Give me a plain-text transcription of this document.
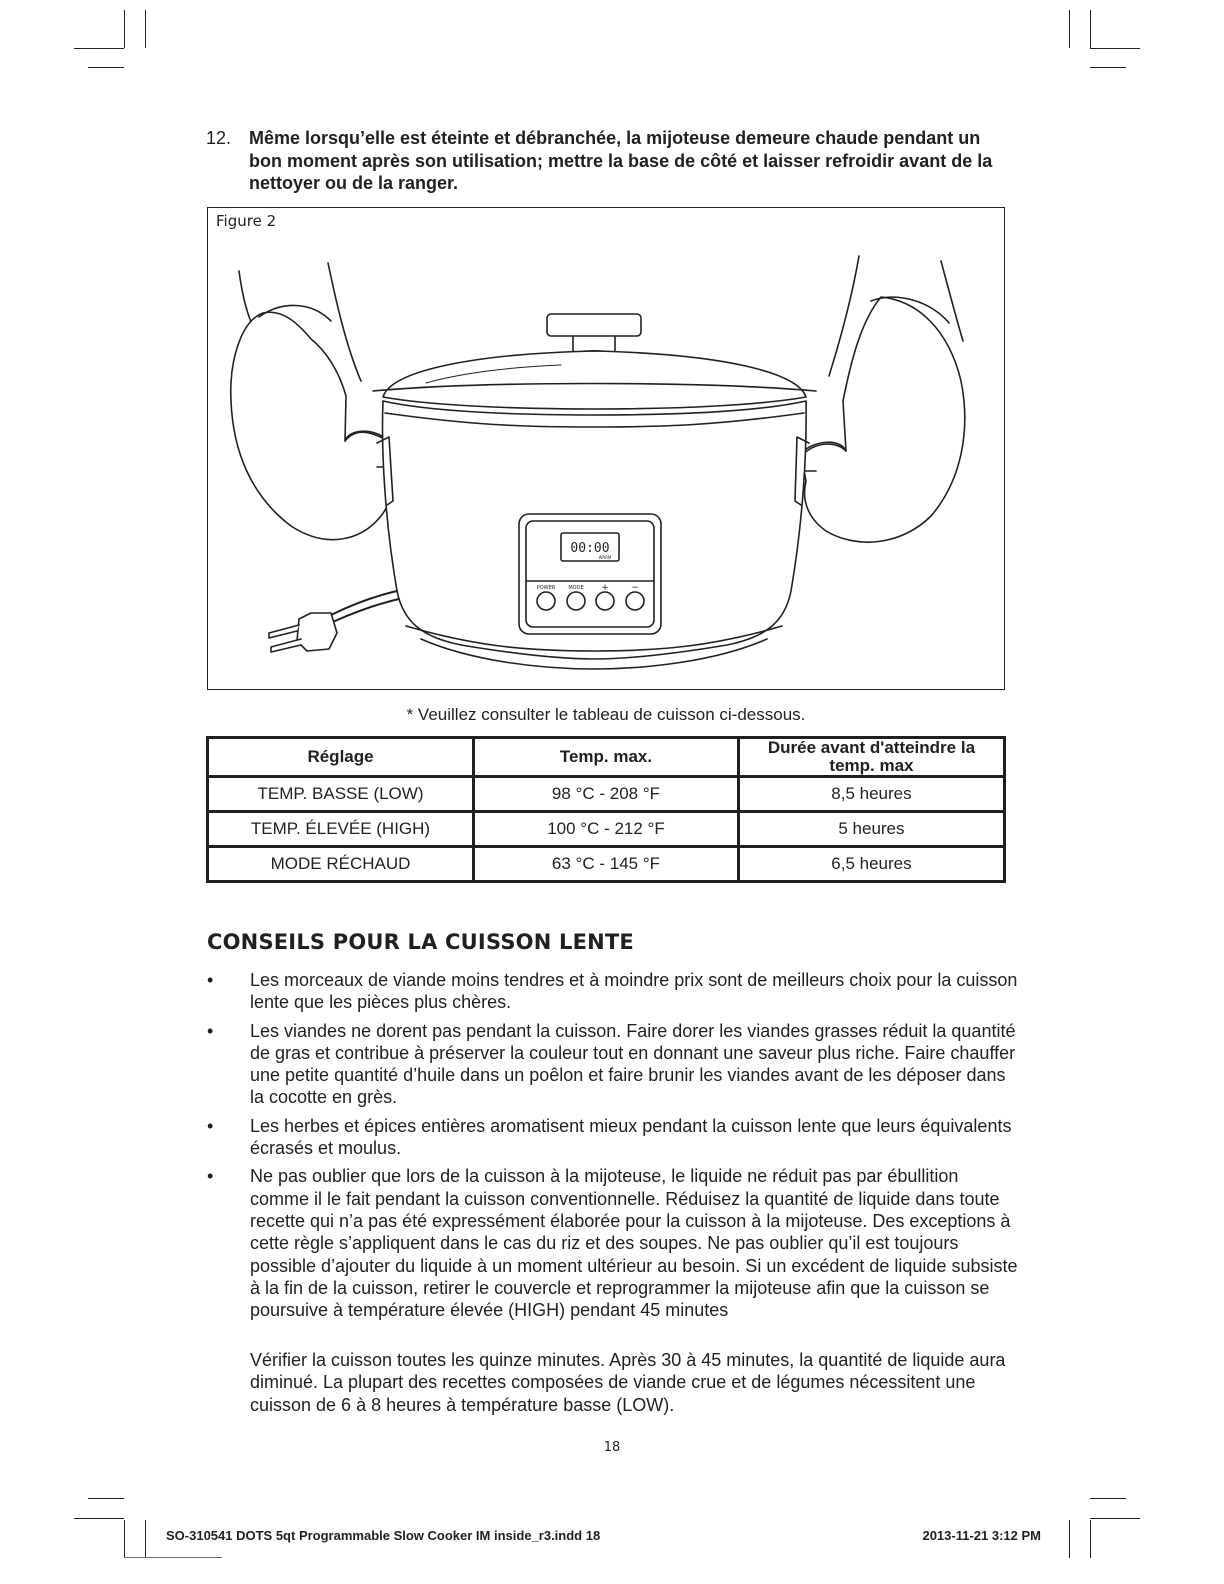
12. Même lorsqu’elle est éteinte et débranchée, la mijoteuse demeure chaude pendant un bon moment après son utilisation; mettre la base de côté et laisser refroidir avant de la nettoyer ou de la ranger.
00:00
WARM
POWER	MODE + −
Figure 2
* Veuillez consulter le tableau de cuisson ci-dessous.
Réglage	Temp. max.	Durée avant d'atteindre la temp. max
TEMP. BASSE (LOW)	98 °C - 208 °F	8,5 heures
TEMP. ÉLEVÉE (HIGH)	100 °C - 212 °F	5 heures
MODE RÉCHAUD	63 °C - 145 °F	6,5 heures
CONSEILS POUR LA CUISSON LENTE
• Les morceaux de viande moins tendres et à moindre prix sont de meilleurs choix pour la cuisson lente que les pièces plus chères.
• Les viandes ne dorent pas pendant la cuisson. Faire dorer les viandes grasses réduit la quantité de gras et contribue à préserver la couleur tout en donnant une saveur plus riche. Faire chauffer une petite quantité d’huile dans un poêlon et faire brunir les viandes avant de les déposer dans la cocotte en grès.
• Les herbes et épices entières aromatisent mieux pendant la cuisson lente que leurs équivalents écrasés et moulus.
• Ne pas oublier que lors de la cuisson à la mijoteuse, le liquide ne réduit pas par ébullition comme il le fait pendant la cuisson conventionnelle. Réduisez la quantité de liquide dans toute recette qui n’a pas été expressément élaborée pour la cuisson à la mijoteuse. Des exceptions à cette règle s’appliquent dans le cas du riz et des soupes. Ne pas oublier qu’il est toujours possible d’ajouter du liquide à un moment ultérieur au besoin. Si un excédent de liquide subsiste à la fin de la cuisson, retirer le couvercle et reprogrammer la mijoteuse afin que la cuisson se poursuive à température élevée (HIGH) pendant 45 minutes
Vérifier la cuisson toutes les quinze minutes. Après 30 à 45 minutes, la quantité de liquide aura diminué. La plupart des recettes composées de viande crue et de légumes nécessitent une cuisson de 6 à 8 heures à température basse (LOW).
18
SO-310541 DOTS 5qt Programmable Slow Cooker IM inside_r3.indd 18	2013-11-21 3:12 PM
